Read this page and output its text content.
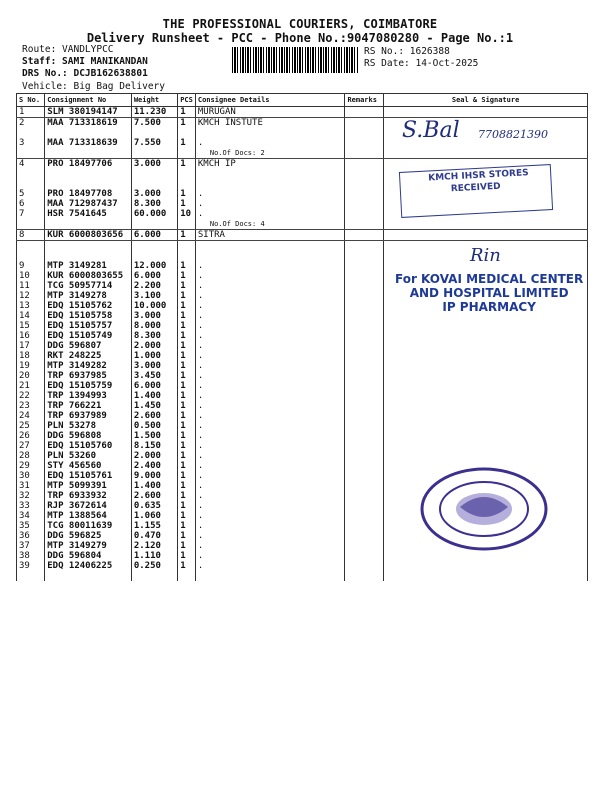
THE PROFESSIONAL COURIERS, COIMBATORE
Delivery Runsheet - PCC - Phone No.:9047080280 - Page No.:1
Route: VANDLYPCC
Staff: SAMI MANIKANDAN
DRS No.: DCJB162638801
Vehicle: Big Bag Delivery
RS No.: 1626388
RS Date: 14-Oct-2025
S No.	Consignment No	Weight	PCS	Consignee Details	Remarks	Seal & Signature
1	SLM 380194147	11.230	1	MURUGAN		
2	MAA 713318619	7.500	1	KMCH INSTUTE		

3	MAA 713318639	7.550	1	.		
				No.Of Docs: 2		
4	PRO 18497706	3.000	1	KMCH IP		

5	PRO 18497708	3.000	1	.		
6	MAA 712987437	8.300	1	.		
7	HSR 7541645	60.000	10	.		
				No.Of Docs: 4		
8	KUR 6000803656	6.000	1	SITRA		

9	MTP 3149281	12.000	1	.		
10	KUR 6000803655	6.000	1	.		
11	TCG 50957714	2.200	1	.		
12	MTP 3149278	3.100	1	.		
13	EDQ 15105762	10.000	1	.		
14	EDQ 15105758	3.000	1	.		
15	EDQ 15105757	8.000	1	.		
16	EDQ 15105749	8.300	1	.		
17	DDG 596807	2.000	1	.		
18	RKT 248225	1.000	1	.		
19	MTP 3149282	3.000	1	.		
20	TRP 6937985	3.450	1	.		
21	EDQ 15105759	6.000	1	.		
22	TRP 1394993	1.400	1	.		
23	TRP 766221	1.450	1	.		
24	TRP 6937989	2.600	1	.		
25	PLN 53278	0.500	1	.		
26	DDG 596808	1.500	1	.		
27	EDQ 15105760	8.150	1	.		
28	PLN 53260	2.000	1	.		
29	STY 456560	2.400	1	.		
30	EDQ 15105761	9.000	1	.		
31	MTP 5099391	1.400	1	.		
32	TRP 6933932	2.600	1	.		
33	RJP 3672614	0.635	1	.		
34	MTP 1388564	1.060	1	.		
35	TCG 80011639	1.155	1	.		
36	DDG 596825	0.470	1	.		
37	MTP 3149279	2.120	1	.		
38	DDG 596804	1.110	1	.		
39	EDQ 12406225	0.250	1	.		

S.Bal 7708821390
KMCH IHSR STORES
RECEIVED
For KOVAI MEDICAL CENTER
AND HOSPITAL LIMITED
IP PHARMACY
Rin
